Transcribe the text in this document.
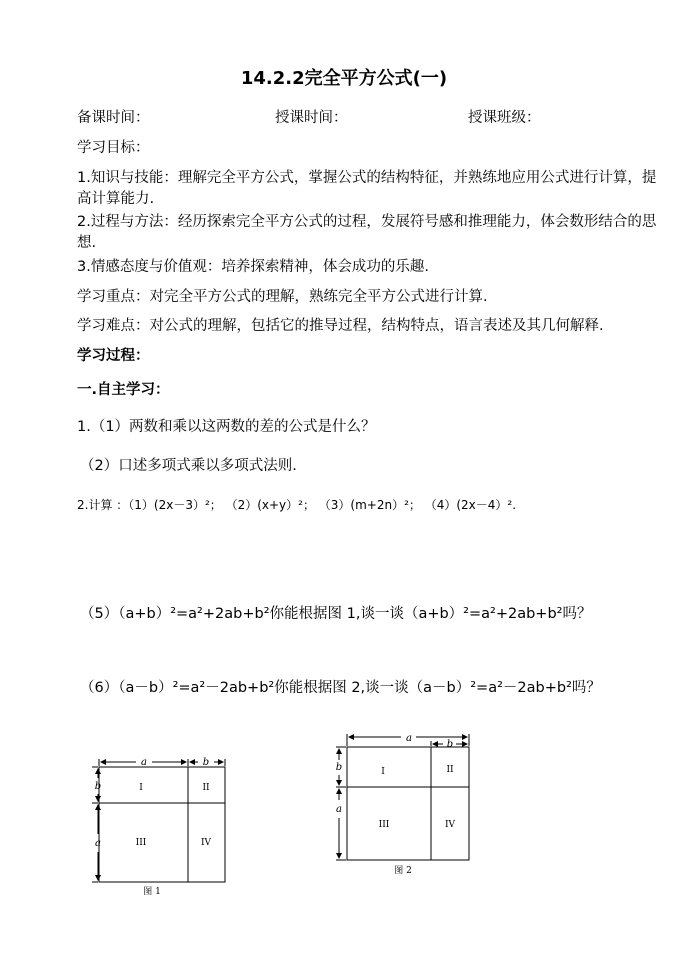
14.2.2完全平方公式(一)
备课时间：	授课时间：	授课班级：
学习目标：
1.知识与技能：理解完全平方公式，掌握公式的结构特征，并熟练地应用公式进行计算，提高计算能力.
2.过程与方法：经历探索完全平方公式的过程，发展符号感和推理能力，体会数形结合的思想.
3.情感态度与价值观：培养探索精神，体会成功的乐趣.
学习重点：对完全平方公式的理解，熟练完全平方公式进行计算.
学习难点：对公式的理解，包括它的推导过程，结构特点，语言表述及其几何解释.
学习过程：
一.自主学习：
1.（1）两数和乘以这两数的差的公式是什么？
（2）口述多项式乘以多项式法则.
2.计算 ：（1）(2x－3）²； （2）(x+y）²； （3）(m+2n）²； （4）(2x－4）².
（5）（a+b）²=a²+2ab+b²你能根据图 1,谈一谈（a+b）²=a²+2ab+b²吗？
（6）（a－b）²=a²－2ab+b²你能根据图 2,谈一谈（a－b）²=a²－2ab+b²吗？
a	b
b
a
I	II
III	IV
图 1
a
b
b
a
I	II
III	IV
图 2
